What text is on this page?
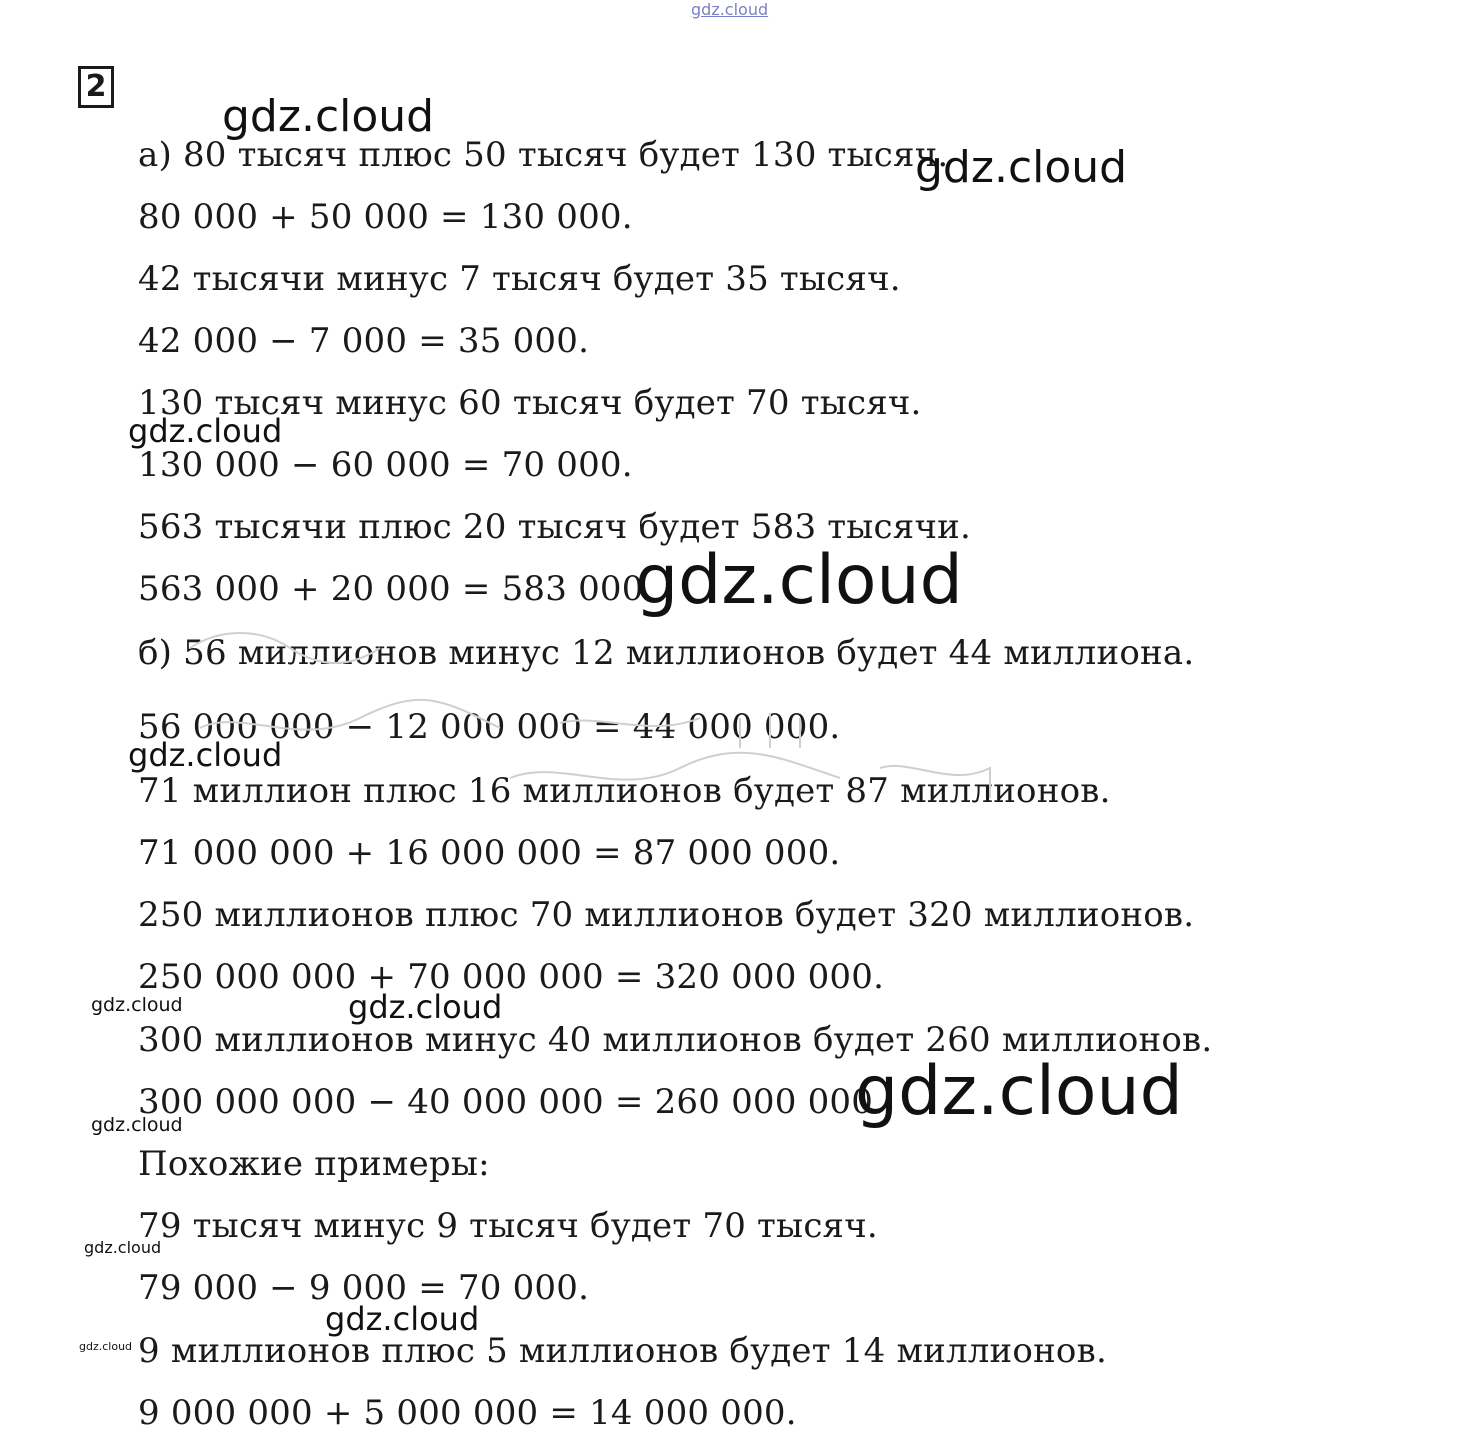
gdz.cloud
2
а) 80 тысяч плюс 50 тысяч будет 130 тысяч.
80 000 + 50 000 = 130 000.
42 тысячи минус 7 тысяч будет 35 тысяч.
42 000 − 7 000 = 35 000.
130 тысяч минус 60 тысяч будет 70 тысяч.
130 000 − 60 000 = 70 000.
563 тысячи плюс 20 тысяч будет 583 тысячи.
563 000 + 20 000 = 583 000.
б) 56 миллионов минус 12 миллионов будет 44 миллиона.
56 000 000 − 12 000 000 = 44 000 000.
71 миллион плюс 16 миллионов будет 87 миллионов.
71 000 000 + 16 000 000 = 87 000 000.
250 миллионов плюс 70 миллионов будет 320 миллионов.
250 000 000 + 70 000 000 = 320 000 000.
300 миллионов минус 40 миллионов будет 260 миллионов.
300 000 000 − 40 000 000 = 260 000 000.
Похожие примеры:
79 тысяч минус 9 тысяч будет 70 тысяч.
79 000 − 9 000 = 70 000.
9 миллионов плюс 5 миллионов будет 14 миллионов.
9 000 000 + 5 000 000 = 14 000 000.
gdz.cloud
gdz.cloud
gdz.cloud
gdz.cloud
gdz.cloud
gdz.cloud	gdz.cloud
gdz.cloud
gdz.cloud
gdz.cloud
gdz.cloud
gdz.cloud
